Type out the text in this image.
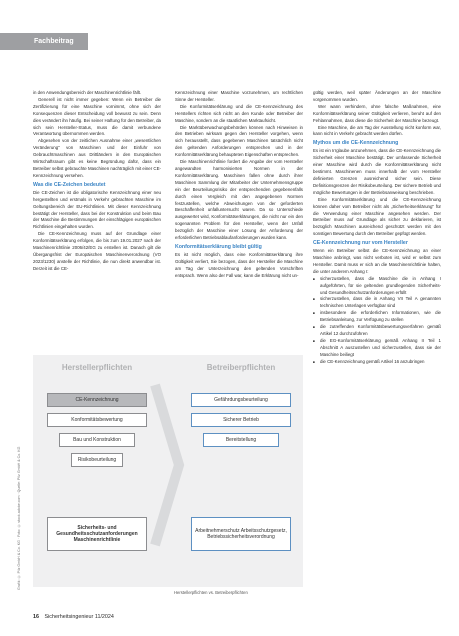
Fachbeitrag

in den Anwendungsbereich der Maschinenrichtlinie fällt.

Generell ist nicht immer gegeben: Wenn ein Betreiber die Zertifizierung für eine Maschine vornimmt, ohne sich der Konsequenzen dieser Entscheidung voll bewusst zu sein. Denn dies verändert ihn häufig. Bei seiner Haftung für den Betreiber, da sich sein Hersteller-Status, muss die damit verbundene Verantwortung übernommen werden.

Abgesehen von der zeitlichen Ausnahme einer „wesentlichen Veränderung" von Maschinen und der Einfuhr von Gebrauchtmaschinen aus Drittländern in den Europäischen Wirtschaftsraum gibt es keine Begründung dafür, dass ein Betreiber selbst gebrauchte Maschinen nachträglich mit einer CE-Kennzeichnung versehen.

Was die CE-Zeichen bedeutet

Die CE-Zeichen ist die obligatorische Kennzeichnung einer neu hergestellten und erstmals in Verkehr gebrachten Maschine im Geltungsbereich der EU-Richtlinien. Mit dieser Kennzeichnung bestätigt der Hersteller, dass bei der Konstruktion und beim Bau der Maschine die Bestimmungen der einschlägigen europäischen Richtlinien eingehalten wurden.

Die CE-Kennzeichnung muss auf der Grundlage einer Konformitätserklärung erfolgen, die bis zum 19.01.2027 nach der Maschinenrichtlinie 2006/42/EG zu erstellen ist. Danach gilt die Übergangsfrist der Europäischen Maschinenverordnung (VO 2023/1230) anstelle der Richtlinie, die nun direkt anwendbar ist. Derzeit ist die CE-

Kennzeichnung einer Maschine vorzunehmen, um rechtlichen Sinne der Hersteller.

Die Konformitätserklärung und die CE-Kennzeichnung des Herstellers richten sich nicht an den Kunde oder Betreiber der Maschine, sondern an die staatlichen Marktaufsicht.

Die Marktüberwachungsbehörden können nach Hinweisen in den Betrieben wirksam gegen den Hersteller vorgehen, wenn sich herausstellt, dass gegebenen Maschinen tatsächlich nicht den geltenden Anforderungen entsprechen und in der Konformitätserklärung behaupteten Eigenschaften entsprechen.

Die Maschinenrichtlinie fordert die Angabe der vom Hersteller angewandten harmonisierten Normen in der Konformitätserklärung. Maschinen fallen ohne durch ihrer Maschinen Sammlung der Mitarbeiter der Unternehmensgruppe ein der Beurteilungsrisiko der entsprechenden gegebenenfalls durch einen Vergleich mit den angegebenen Normen festzustellen, welche Abweichungen von der geforderten Beschaffenheit unfalluntersucht waren. Da so Unterschiede ausgewertet wird, Konformitätserklärungen, die nicht nur ein den sogenannten Problem für den Hersteller, wenn der Unfall bezüglich der Maschine einer Lösung der Anforderung der erforderlichen Betriebsablaufanforderungen wurden kann.

Konformitätserklärung bleibt gültig

Es ist nicht möglich, dass eine Konformitätserklärung ihre Gültigkeit verliert, Sie bezogen, dass der Hersteller die Maschine am Tag der Unterzeichnung den geltenden Vorschriften entsprach. Wenn also der Fall war, kann die Erklärung nicht un-

gültig werden, weil später Änderungen an der Maschine vorgenommen wurden.

Wer wann verhindern, ohne falsche Maßnahmen, eine Konformitätserklärung seiner Gültigkeit verlieren, beruht auf den Fehlannahmen, dass diese die Sicherheit der Maschine bezeugt.

Eine Maschine, die am Tag der Ausstellung nicht konform war, kann nicht in Verkehr gebracht werden dürfen.

Mythos um die CE-Kennzeichnung

Es ist ein Irrglaube anzunehmen, dass die CE-Kennzeichnung die Sicherheit einer Maschine bestätigt. Der umfassende Sicherheit einer Maschine wird durch die Konformitätserklärung nicht bestimmt. Maschinenen muss innerhalb der vom Hersteller definierten Grenzen ausreichend sicher sein. Diese Definitionsgrenzen der Risikobeurteilung. Der sichere Betrieb und mögliche Bewertungen in der Betriebsanweisung beschrieben.

Eine Konformitätserklärung und die CE-Kennzeichnung können daher vom Betreiber nicht als „Sicherheitserklärung" für die Verwendung einer Maschine angesehen werden. Der Betreiber muss auf Grundlage als sicher zu deklarieren, ist bezüglich Maschinen ausreichend geschützt werden mit den sonstigen Bewertung durch den Betreiber gepfügt werden.

CE-Kennzeichnung nur vom Hersteller

Wenn ein Betreiber selbst die CE-Kennzeichnung an einer Maschine anbringt, was nicht verboten ist, wird er selbst zum Hersteller. Damit muss er sich an die Maschinenrichtlinie halten, die unter anderem Anhang I:

■ sicherzustellen, dass die Maschine die in Anhang I aufgeführten, für sie geltenden grundlegenden Sicherheits- und Gesundheitsschutzanforderungen erfüllt
■ sicherzustellen, dass die in Anhang VII Teil A genannten technischen Unterlagen verfügbar sind
■ insbesondere die erforderlichen Informationen, wie die Betriebsanleitung, zur Verfügung zu stellen
■ die zutreffenden Konformitätsbewertungsverfahren gemäß Artikel 12 durchzuführen
■ die EG-Konformitätserklärung gemäß Anhang II Teil 1 Abschnitt A auszustellen und sicherzustellen, dass sie der Maschine beiliegt
■ die CE-Kennzeichnung gemäß Artikel 16 anzubringen
Grafik: © Pilz GmbH & Co. KG · Foto: © stock.adobe.com · Quelle: Pilz GmbH & Co. KG
Herstellerpflichten	Betreiberpflichten
CE-Kennzeichnung
Konformitätsbewertung
Bau und Konstruktion
Risikobeurteilung
Sicherheits- und Gesundheitsschutzanforderungen Maschinenrichtlinie
Gefährdungsbeurteilung
Sicherer Betrieb
Bereitstellung
Arbeitnehmerschutz Arbeitsschutzgesetz, Betriebssicherheitsverordnung
Herstellerpflichten vs. Betreiberpflichten
16 Sicherheitsingenieur 11/2024
